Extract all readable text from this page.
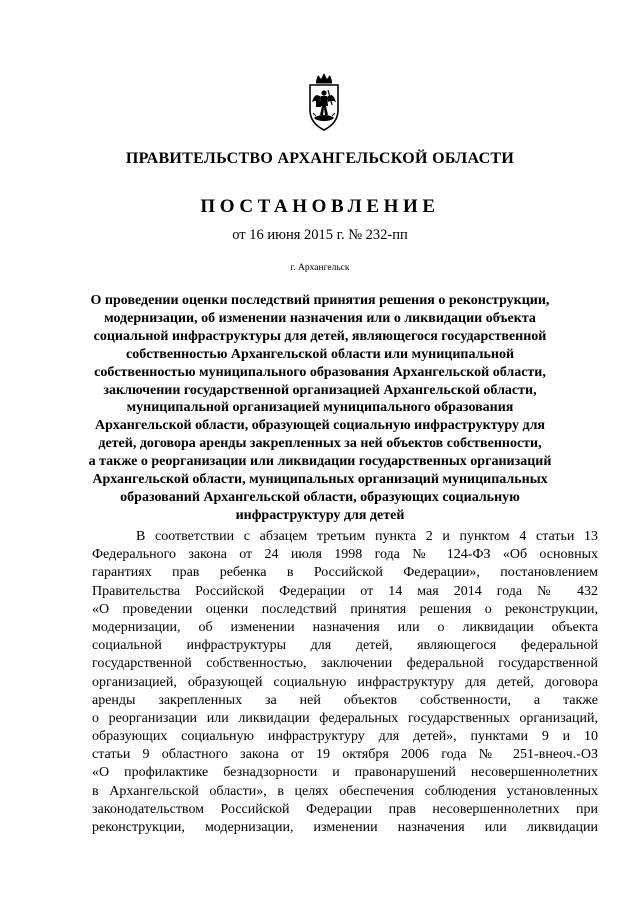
ПРАВИТЕЛЬСТВО АРХАНГЕЛЬСКОЙ ОБЛАСТИ
ПОСТАНОВЛЕНИЕ
от 16 июня 2015 г. № 232-пп
г. Архангельск
О проведении оценки последствий принятия решения о реконструкции,
модернизации, об изменении назначения или о ликвидации объекта
социальной инфраструктуры для детей, являющегося государственной
собственностью Архангельской области или муниципальной
собственностью муниципального образования Архангельской области,
заключении государственной организацией Архангельской области,
муниципальной организацией муниципального образования
Архангельской области, образующей социальную инфраструктуру для
детей, договора аренды закрепленных за ней объектов собственности,
а также о реорганизации или ликвидации государственных организаций
Архангельской области, муниципальных организаций муниципальных
образований Архангельской области, образующих социальную
инфраструктуру для детей
В соответствии с абзацем третьим пункта 2 и пунктом 4 статьи 13
Федерального закона от 24 июля 1998 года № 124-ФЗ «Об основных
гарантиях прав ребенка в Российской Федерации», постановлением
Правительства Российской Федерации от 14 мая 2014 года № 432
«О проведении оценки последствий принятия решения о реконструкции,
модернизации, об изменении назначения или о ликвидации объекта
социальной инфраструктуры для детей, являющегося федеральной
государственной собственностью, заключении федеральной государственной
организацией, образующей социальную инфраструктуру для детей, договора
аренды закрепленных за ней объектов собственности, а также
о реорганизации или ликвидации федеральных государственных организаций,
образующих социальную инфраструктуру для детей», пунктами 9 и 10
статьи 9 областного закона от 19 октября 2006 года № 251-внеоч.-ОЗ
«О профилактике безнадзорности и правонарушений несовершеннолетних
в Архангельской области», в целях обеспечения соблюдения установленных
законодательством Российской Федерации прав несовершеннолетних при
реконструкции, модернизации, изменении назначения или ликвидации
